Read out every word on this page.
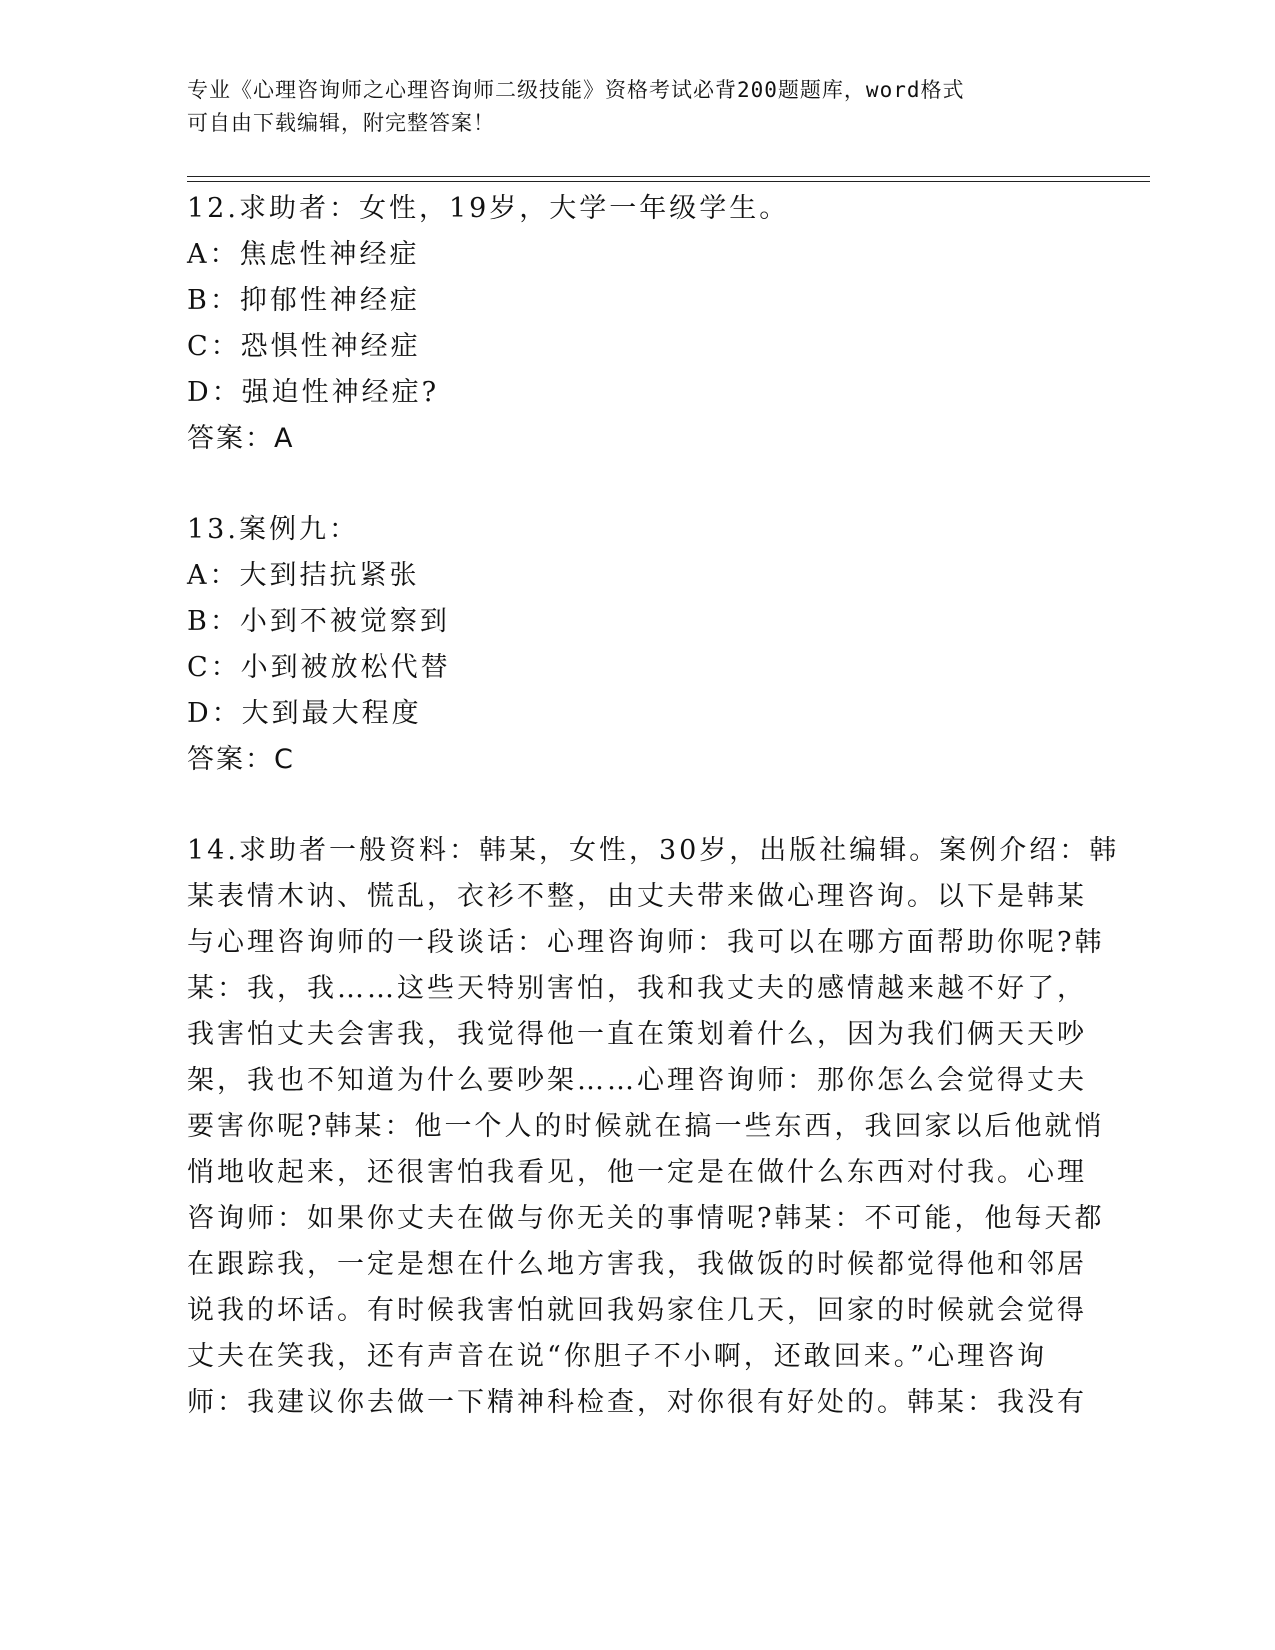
专业《心理咨询师之心理咨询师二级技能》资格考试必背200题题库，word格式
可自由下载编辑，附完整答案！
12.求助者：女性，19岁，大学一年级学生。
A：焦虑性神经症
B：抑郁性神经症
C：恐惧性神经症
D：强迫性神经症?
答案：A
13.案例九：
A：大到拮抗紧张
B：小到不被觉察到
C：小到被放松代替
D：大到最大程度
答案：C
14.求助者一般资料：韩某，女性，30岁，出版社编辑。案例介绍：韩
某表情木讷、慌乱，衣衫不整，由丈夫带来做心理咨询。以下是韩某
与心理咨询师的一段谈话：心理咨询师：我可以在哪方面帮助你呢?韩
某：我，我……这些天特别害怕，我和我丈夫的感情越来越不好了，
我害怕丈夫会害我，我觉得他一直在策划着什么，因为我们俩天天吵
架，我也不知道为什么要吵架……心理咨询师：那你怎么会觉得丈夫
要害你呢?韩某：他一个人的时候就在搞一些东西，我回家以后他就悄
悄地收起来，还很害怕我看见，他一定是在做什么东西对付我。心理
咨询师：如果你丈夫在做与你无关的事情呢?韩某：不可能，他每天都
在跟踪我，一定是想在什么地方害我，我做饭的时候都觉得他和邻居
说我的坏话。有时候我害怕就回我妈家住几天，回家的时候就会觉得
丈夫在笑我，还有声音在说“你胆子不小啊，还敢回来。”心理咨询
师：我建议你去做一下精神科检查，对你很有好处的。韩某：我没有
